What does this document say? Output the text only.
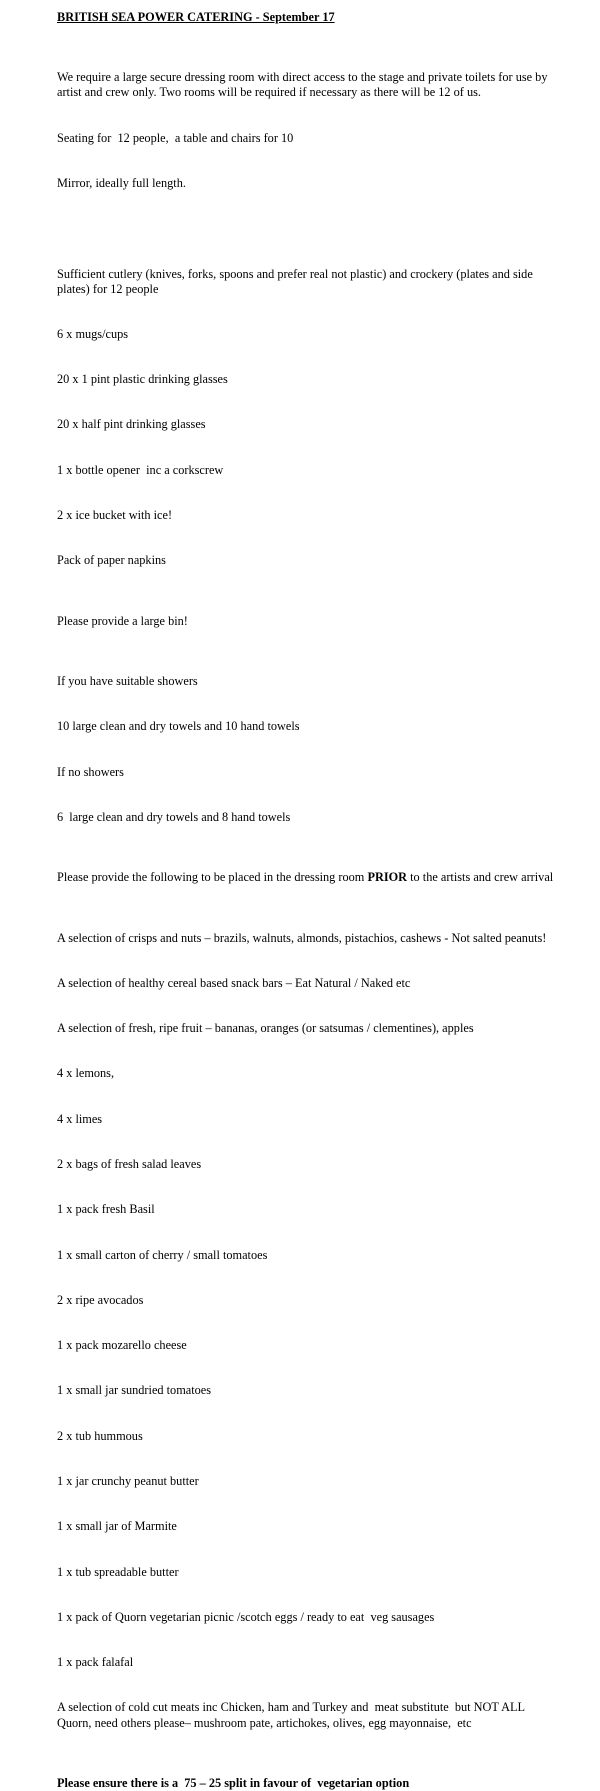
BRITISH SEA POWER CATERING - September 17

We require a large secure dressing room with direct access to the stage and private toilets for use by artist and crew only. Two rooms will be required if necessary as there will be 12 of us.

Seating for  12 people,  a table and chairs for 10

Mirror, ideally full length.

Sufficient cutlery (knives, forks, spoons and prefer real not plastic) and crockery (plates and side plates) for 12 people

6 x mugs/cups

20 x 1 pint plastic drinking glasses

20 x half pint drinking glasses

1 x bottle opener  inc a corkscrew

2 x ice bucket with ice!

Pack of paper napkins

Please provide a large bin!

If you have suitable showers

10 large clean and dry towels and 10 hand towels

If no showers

6  large clean and dry towels and 8 hand towels

Please provide the following to be placed in the dressing room PRIOR to the artists and crew arrival

A selection of crisps and nuts – brazils, walnuts, almonds, pistachios, cashews - Not salted peanuts!

A selection of healthy cereal based snack bars – Eat Natural / Naked etc

A selection of fresh, ripe fruit – bananas, oranges (or satsumas / clementines), apples

4 x lemons,

4 x limes

2 x bags of fresh salad leaves

1 x pack fresh Basil

1 x small carton of cherry / small tomatoes

2 x ripe avocados

1 x pack mozarello cheese

1 x small jar sundried tomatoes

2 x tub hummous

1 x jar crunchy peanut butter

1 x small jar of Marmite

1 x tub spreadable butter

1 x pack of Quorn vegetarian picnic /scotch eggs / ready to eat  veg sausages

1 x pack falafal

A selection of cold cut meats inc Chicken, ham and Turkey and  meat substitute  but NOT ALL Quorn, need others please– mushroom pate, artichokes, olives, egg mayonnaise,  etc

Please ensure there is a  75 – 25 split in favour of  vegetarian option
